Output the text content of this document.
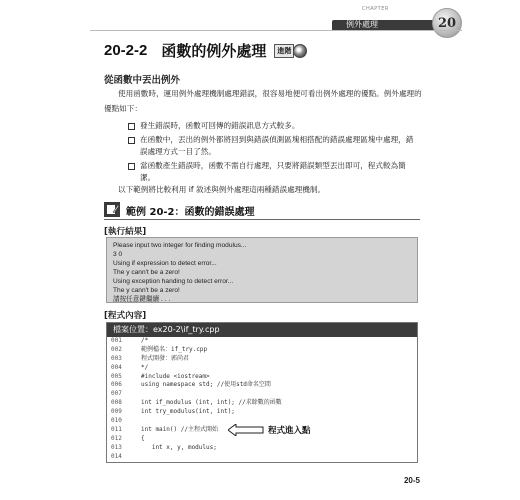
CHAPTER
例外處理	20
20-2-2 函數的例外處理	進階
從函數中丟出例外
使用函數時，運用例外處理機制處理錯誤，很容易地便可看出例外處理的優點。例外處理的優點如下：
發生錯誤時，函數可回傳的錯誤訊息方式較多。
在函數中，丟出的例外都將回到與錯誤偵測區塊相搭配的錯誤處理區塊中處理，錯誤處理方式一目了然。
當函數產生錯誤時，函數不需自行處理，只要將錯誤類型丟出即可，程式較為簡潔。
以下範例將比較利用 if 敘述與例外處理這兩種錯誤處理機制。
範例 20-2：函數的錯誤處理
[執行結果]
Please input two integer for finding modulus...
3 0
Using if expression to detect error...
The y cann't be a zero!
Using exception handing to detect error...
The y cann't be a zero!
請按任意鍵繼續 . . .
[程式內容]
檔案位置：ex20-2\if_try.cpp
001	/*
002	範例檔名：if_try.cpp
003	程式開發：郭尚君
004	*/
005	#include <iostream>
006	using namespace std; //使用std命名空間
007
008	int if_modulus (int, int); //求餘數的函數
009	int try_modulus(int, int);
010
011	int main() //主程式開始
012	{
013	int x, y, modulus;
014
程式進入點
20-5
